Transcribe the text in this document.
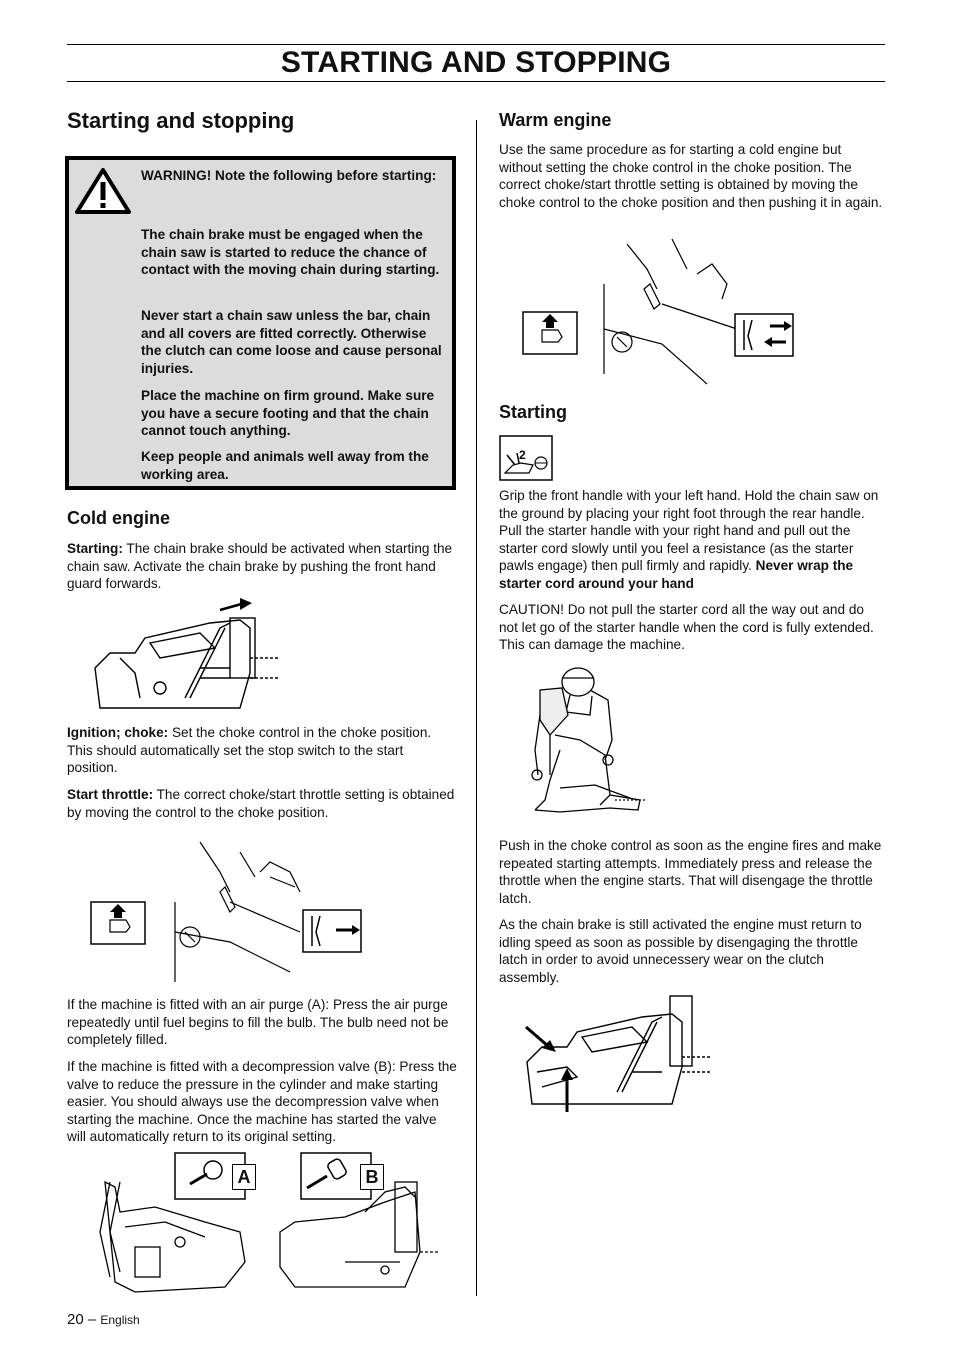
STARTING AND STOPPING
Starting and stopping
WARNING! Note the following before starting:
The chain brake must be engaged when the chain saw is started to reduce the chance of contact with the moving chain during starting.
Never start a chain saw unless the bar, chain and all covers are fitted correctly. Otherwise the clutch can come loose and cause personal injuries.
Place the machine on firm ground. Make sure you have a secure footing and that the chain cannot touch anything.
Keep people and animals well away from the working area.
Cold engine

Starting: The chain brake should be activated when starting the chain saw. Activate the chain brake by pushing the front hand guard forwards.

Ignition; choke: Set the choke control in the choke position. This should automatically set the stop switch to the start position.

Start throttle: The correct choke/start throttle setting is obtained by moving the control to the choke position.

If the machine is fitted with an air purge (A): Press the air purge repeatedly until fuel begins to fill the bulb. The bulb need not be completely filled.

If the machine is fitted with a decompression valve (B): Press the valve to reduce the pressure in the cylinder and make starting easier. You should always use the decompression valve when starting the machine. Once the machine has started the valve will automatically return to its original setting.

A	B
Warm engine

Use the same procedure as for starting a cold engine but without setting the choke control in the choke position. The correct choke/start throttle setting is obtained by moving the choke control to the choke position and then pushing it in again.

Starting
2

Grip the front handle with your left hand. Hold the chain saw on the ground by placing your right foot through the rear handle. Pull the starter handle with your right hand and pull out the starter cord slowly until you feel a resistance (as the starter pawls engage) then pull firmly and rapidly. Never wrap the starter cord around your hand

CAUTION! Do not pull the starter cord all the way out and do not let go of the starter handle when the cord is fully extended. This can damage the machine.

Push in the choke control as soon as the engine fires and make repeated starting attempts. Immediately press and release the throttle when the engine starts. That will disengage the throttle latch.

As the chain brake is still activated the engine must return to idling speed as soon as possible by disengaging the throttle latch in order to avoid unnecessery wear on the clutch assembly.

20 – English
